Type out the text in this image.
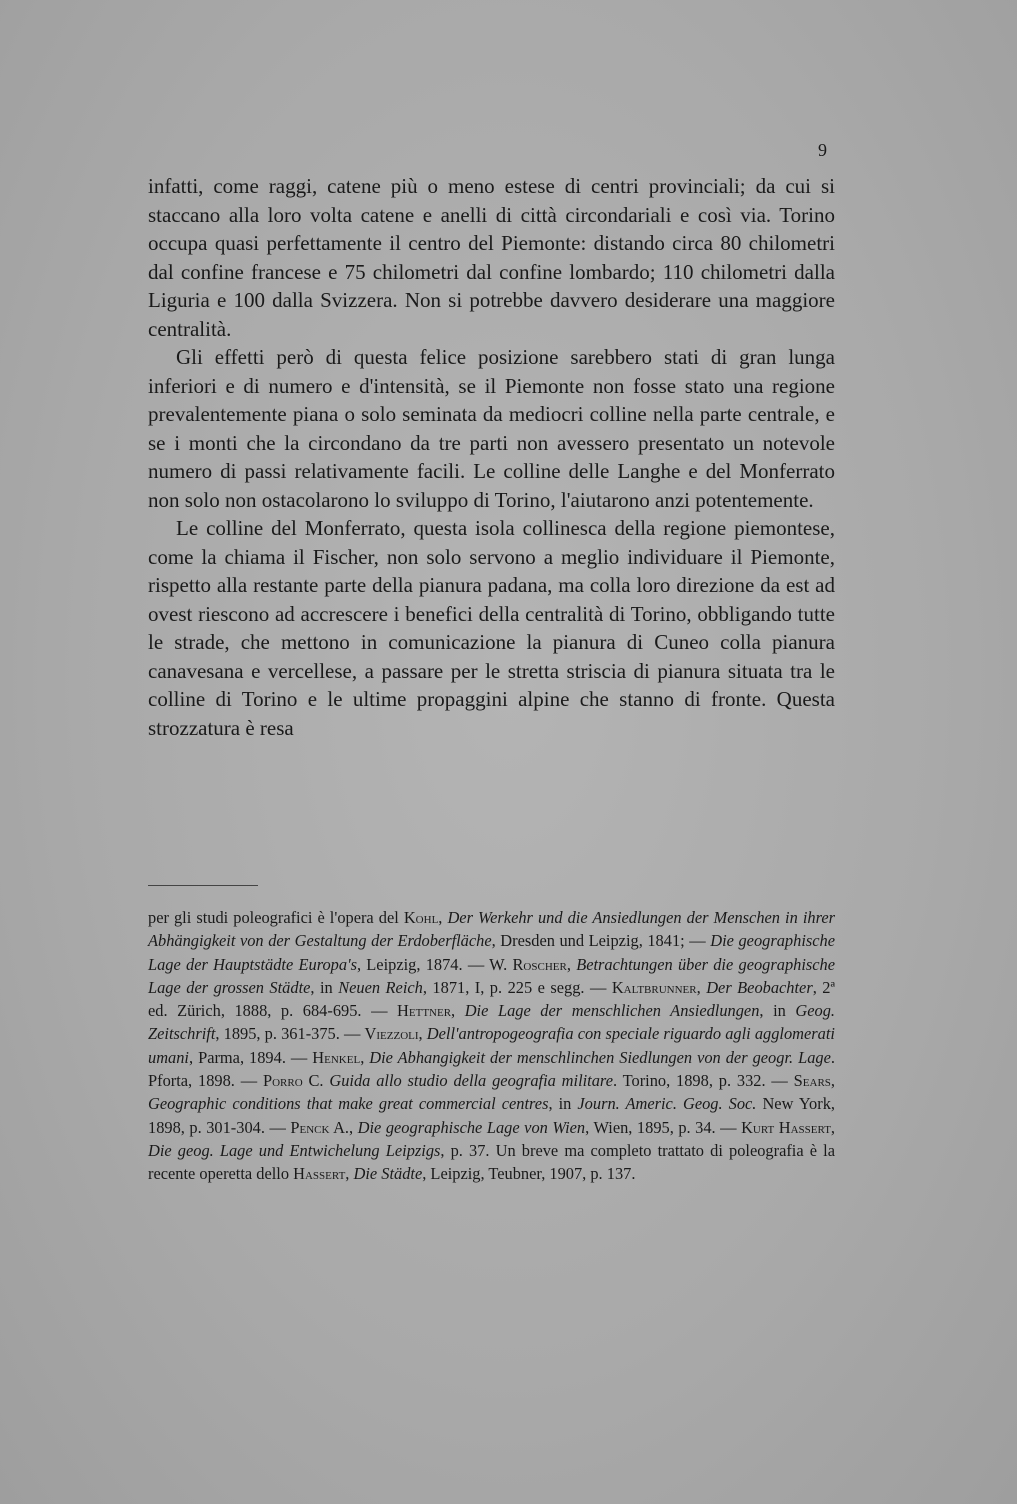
9

infatti, come raggi, catene più o meno estese di centri provinciali; da cui si staccano alla loro volta catene e anelli di città circondariali e così via. Torino occupa quasi perfettamente il centro del Piemonte: distando circa 80 chilometri dal confine francese e 75 chilometri dal confine lombardo; 110 chilometri dalla Liguria e 100 dalla Svizzera. Non si potrebbe davvero desiderare una maggiore centralità.

Gli effetti però di questa felice posizione sarebbero stati di gran lunga inferiori e di numero e d'intensità, se il Piemonte non fosse stato una regione prevalentemente piana o solo seminata da mediocri colline nella parte centrale, e se i monti che la circondano da tre parti non avessero presentato un notevole numero di passi relativamente facili. Le colline delle Langhe e del Monferrato non solo non ostacolarono lo sviluppo di Torino, l'aiutarono anzi potentemente.

Le colline del Monferrato, questa isola collinesca della regione piemontese, come la chiama il Fischer, non solo servono a meglio individuare il Piemonte, rispetto alla restante parte della pianura padana, ma colla loro direzione da est ad ovest riescono ad accrescere i benefici della centralità di Torino, obbligando tutte le strade, che mettono in comunicazione la pianura di Cuneo colla pianura canavesana e vercellese, a passare per le stretta striscia di pianura situata tra le colline di Torino e le ultime propaggini alpine che stanno di fronte. Questa strozzatura è resa

per gli studi poleografici è l'opera del Kohl, Der Werkehr und die Ansiedlungen der Menschen in ihrer Abhängigkeit von der Gestaltung der Erdoberfläche, Dresden und Leipzig, 1841; — Die geographische Lage der Hauptstädte Europa's, Leipzig, 1874. — W. Roscher, Betrachtungen über die geographische Lage der grossen Städte, in Neuen Reich, 1871, I, p. 225 e segg. — Kaltbrunner, Der Beobachter, 2ª ed. Zürich, 1888, p. 684-695. — Hettner, Die Lage der menschlichen Ansiedlungen, in Geog. Zeitschrift, 1895, p. 361-375. — Viezzoli, Dell'antropogeografia con speciale riguardo agli agglomerati umani, Parma, 1894. — Henkel, Die Abhangigkeit der menschlinchen Siedlungen von der geogr. Lage. Pforta, 1898. — Porro C. Guida allo studio della geografia militare. Torino, 1898, p. 332. — Sears, Geographic conditions that make great commercial centres, in Journ. Americ. Geog. Soc. New York, 1898, p. 301-304. — Penck A., Die geographische Lage von Wien, Wien, 1895, p. 34. — Kurt Hassert, Die geog. Lage und Entwichelung Leipzigs, p. 37. Un breve ma completo trattato di poleografia è la recente operetta dello Hassert, Die Städte, Leipzig, Teubner, 1907, p. 137.
